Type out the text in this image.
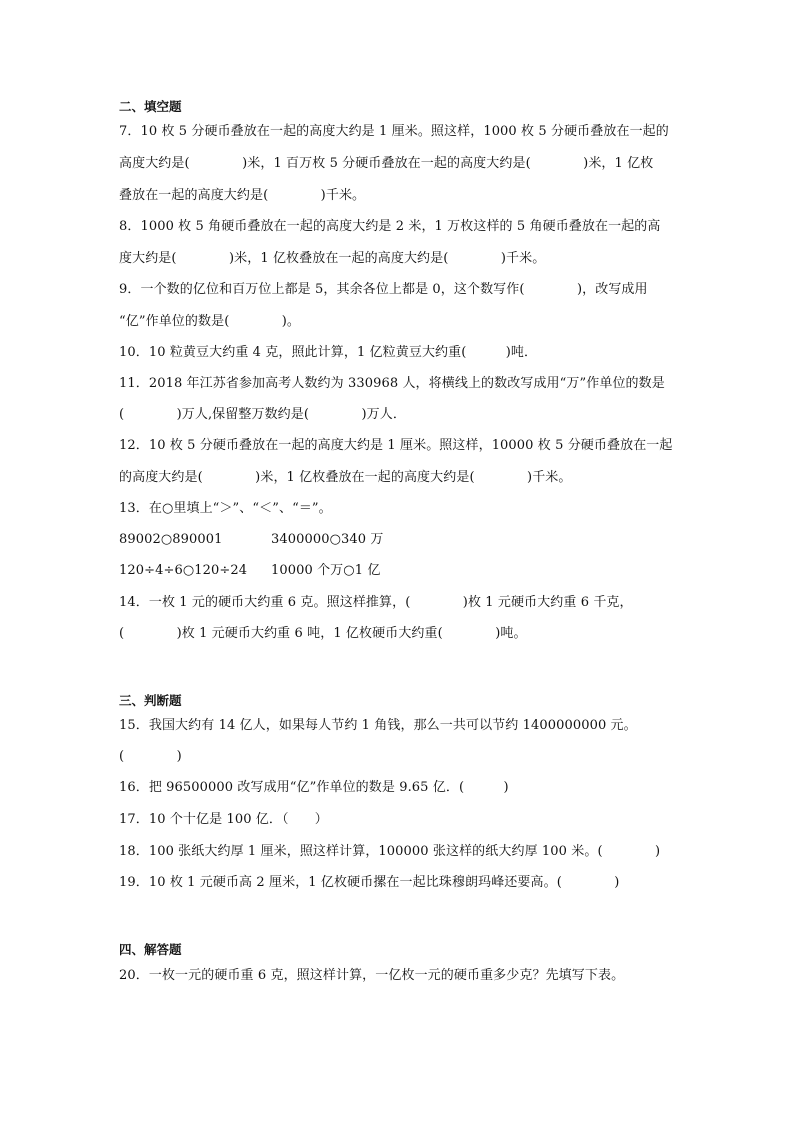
二、填空题
7．10 枚 5 分硬币叠放在一起的高度大约是 1 厘米。照这样，1000 枚 5 分硬币叠放在一起的
高度大约是(　　　　)米，1 百万枚 5 分硬币叠放在一起的高度大约是(　　　　)米，1 亿枚
叠放在一起的高度大约是(　　　　)千米。
8．1000 枚 5 角硬币叠放在一起的高度大约是 2 米，1 万枚这样的 5 角硬币叠放在一起的高
度大约是(　　　　)米，1 亿枚叠放在一起的高度大约是(　　　　)千米。
9．一个数的亿位和百万位上都是 5，其余各位上都是 0，这个数写作(　　　　)，改写成用
“亿”作单位的数是(　　　　)。
10．10 粒黄豆大约重 4 克，照此计算，1 亿粒黄豆大约重(　　　)吨．
11．2018 年江苏省参加高考人数约为 330968 人，将横线上的数改写成用“万”作单位的数是
(　　　　)万人,保留整万数约是(　　　　)万人．
12．10 枚 5 分硬币叠放在一起的高度大约是 1 厘米。照这样，10000 枚 5 分硬币叠放在一起
的高度大约是(　　　　)米，1 亿枚叠放在一起的高度大约是(　　　　)千米。
13．在○里填上“＞”、“＜”、“＝”。
89002○890001	3400000○340 万
120÷4÷6○120÷24 10000 个万○1 亿
14．一枚 1 元的硬币大约重 6 克。照这样推算，(　　　　)枚 1 元硬币大约重 6 千克，
(　　　　)枚 1 元硬币大约重 6 吨，1 亿枚硬币大约重(　　　　)吨。
三、判断题
15．我国大约有 14 亿人，如果每人节约 1 角钱，那么一共可以节约 1400000000 元。
(　　　　)
16．把 96500000 改写成用“亿”作单位的数是 9.65 亿．(　　　)
17．10 个十亿是 100 亿．（　　）
18．100 张纸大约厚 1 厘米，照这样计算，100000 张这样的纸大约厚 100 米。(　　　　)
19．10 枚 1 元硬币高 2 厘米，1 亿枚硬币摞在一起比珠穆朗玛峰还要高。(　　　　)
四、解答题
20．一枚一元的硬币重 6 克，照这样计算，一亿枚一元的硬币重多少克？先填写下表。
